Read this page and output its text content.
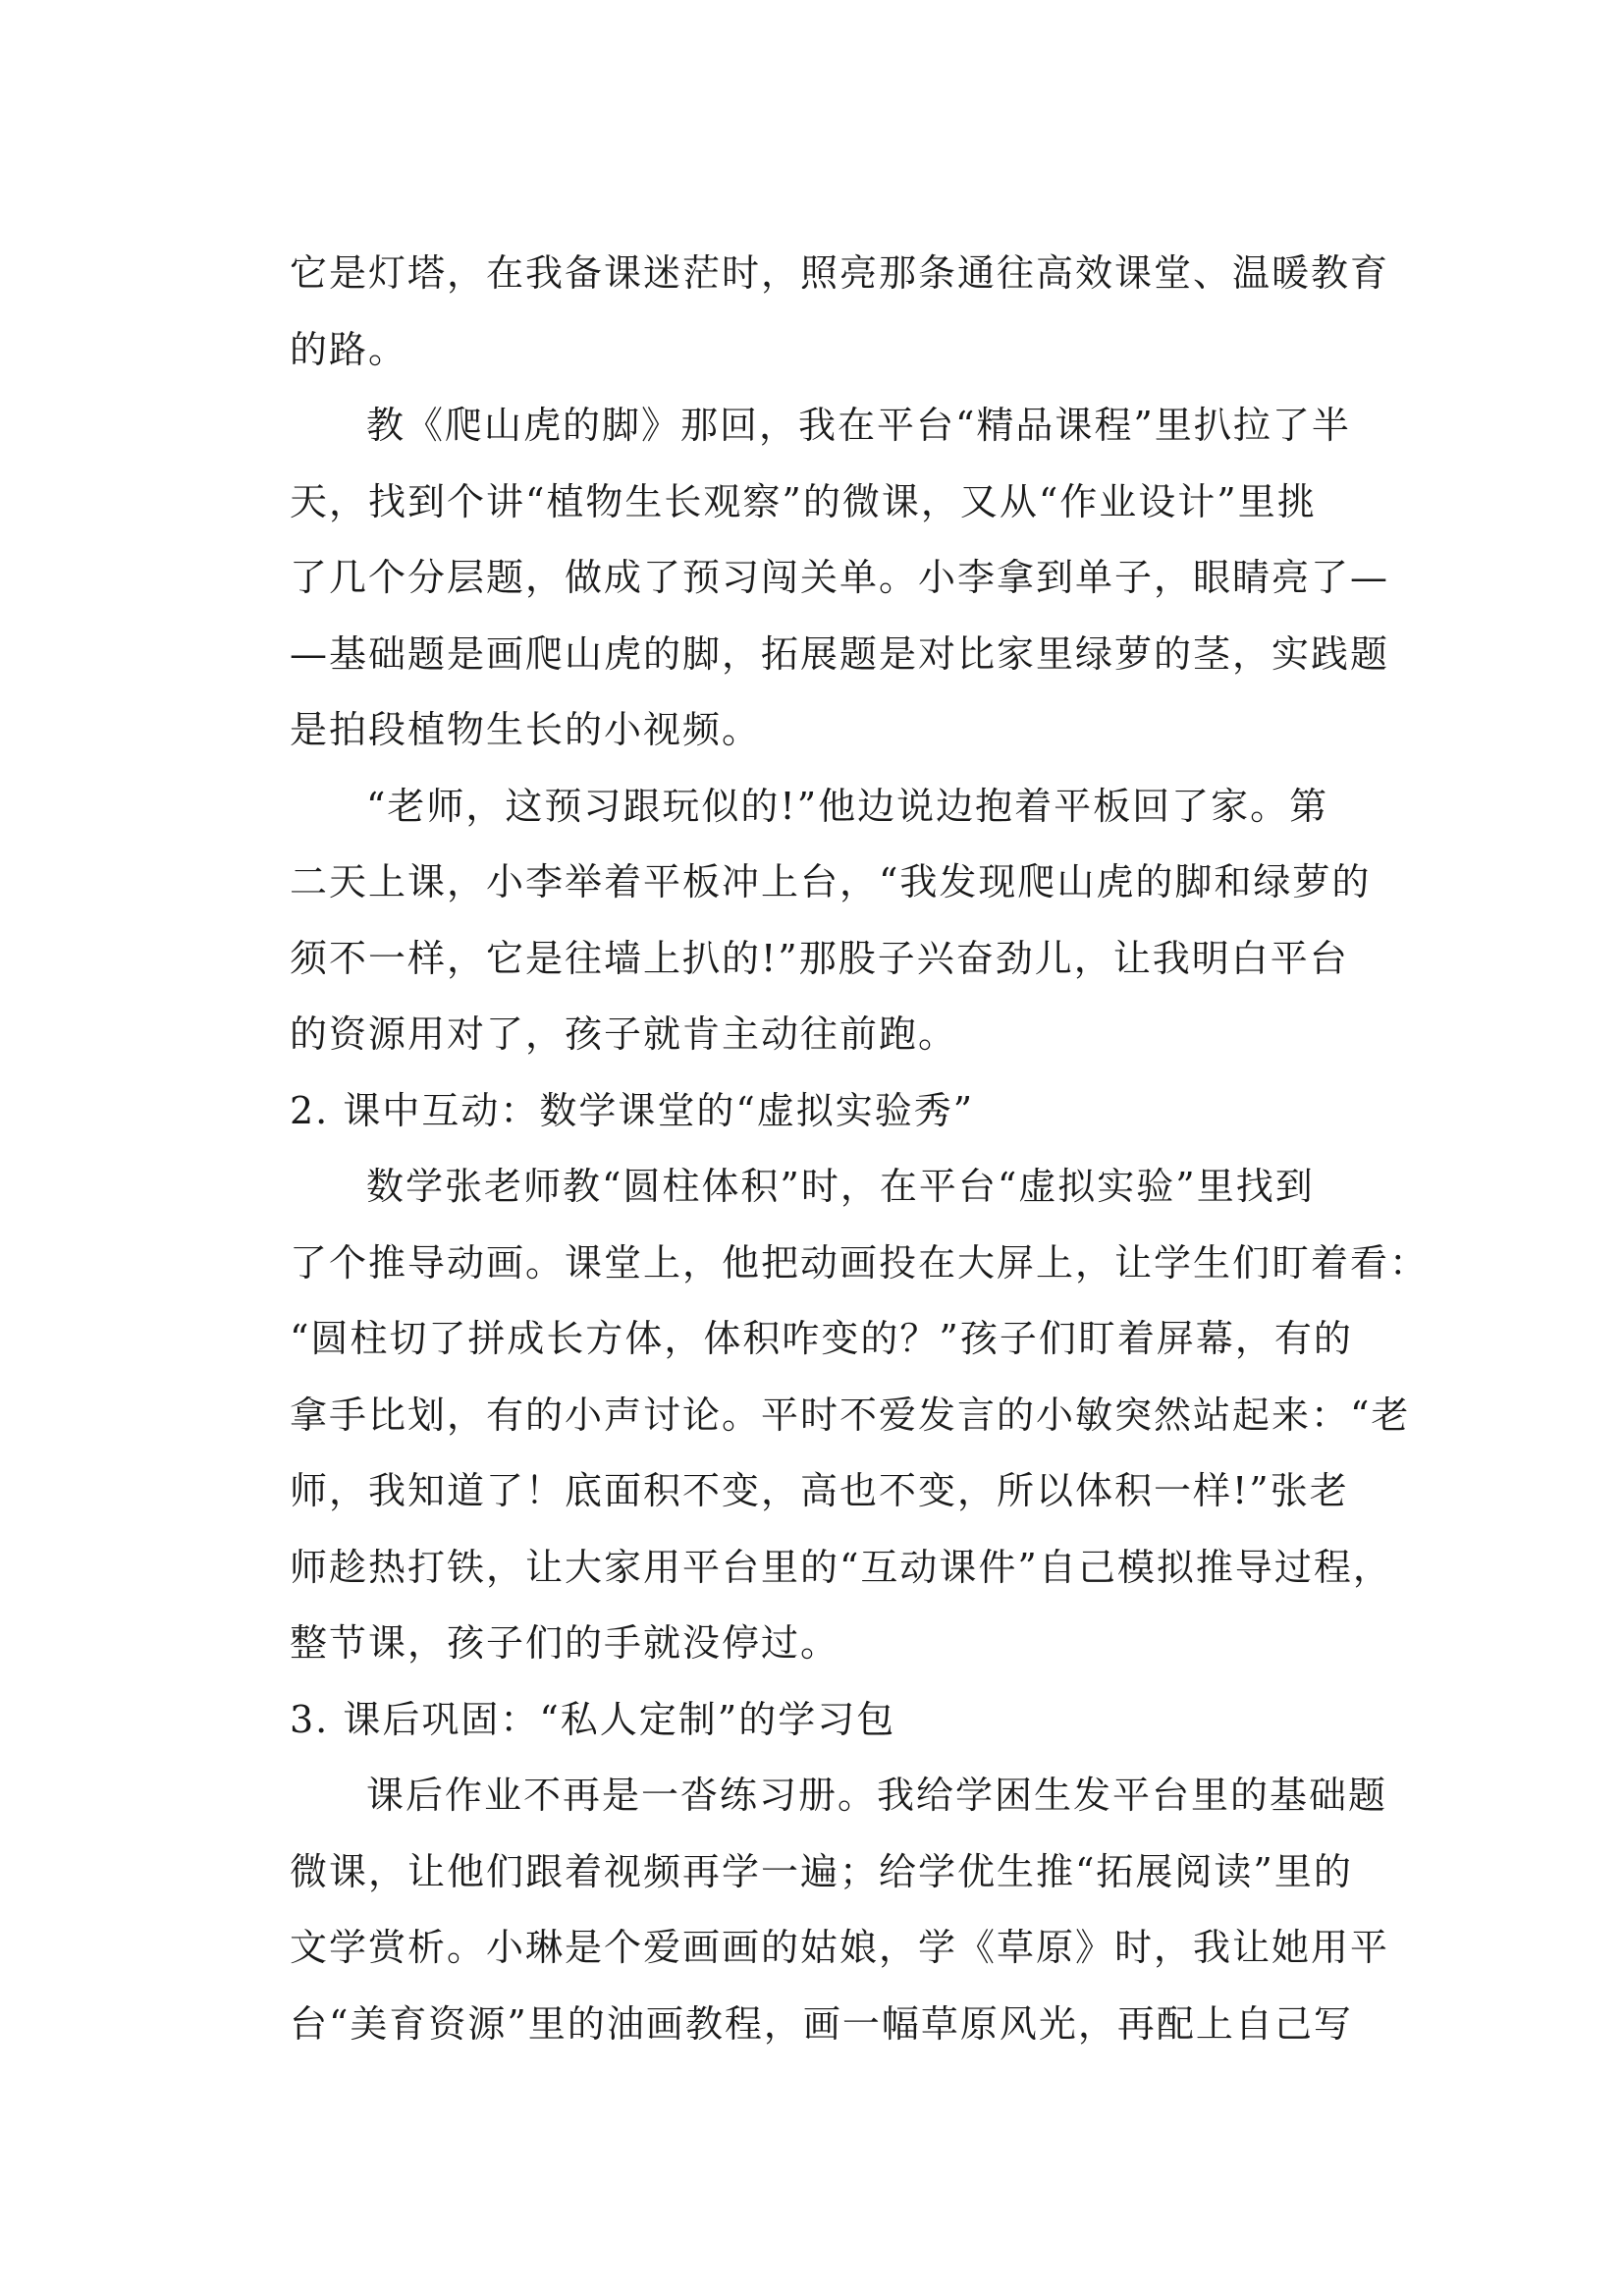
它是灯塔，在我备课迷茫时，照亮那条通往高效课堂、温暖教育
的路。
教《爬山虎的脚》那回，我在平台“精品课程”里扒拉了半
天，找到个讲“植物生长观察”的微课，又从“作业设计”里挑
了几个分层题，做成了预习闯关单。小李拿到单子，眼睛亮了—
—基础题是画爬山虎的脚，拓展题是对比家里绿萝的茎，实践题
是拍段植物生长的小视频。
“老师，这预习跟玩似的!”他边说边抱着平板回了家。第
二天上课，小李举着平板冲上台，“我发现爬山虎的脚和绿萝的
须不一样，它是往墙上扒的!”那股子兴奋劲儿，让我明白平台
的资源用对了，孩子就肯主动往前跑。
2. 课中互动：数学课堂的“虚拟实验秀”
数学张老师教“圆柱体积”时，在平台“虚拟实验”里找到
了个推导动画。课堂上，他把动画投在大屏上，让学生们盯着看：
“圆柱切了拼成长方体，体积咋变的？”孩子们盯着屏幕，有的
拿手比划，有的小声讨论。平时不爱发言的小敏突然站起来：“老
师，我知道了！底面积不变，高也不变，所以体积一样!”张老
师趁热打铁，让大家用平台里的“互动课件”自己模拟推导过程，
整节课，孩子们的手就没停过。
3. 课后巩固：“私人定制”的学习包
课后作业不再是一沓练习册。我给学困生发平台里的基础题
微课，让他们跟着视频再学一遍；给学优生推“拓展阅读”里的
文学赏析。小琳是个爱画画的姑娘，学《草原》时，我让她用平
台“美育资源”里的油画教程，画一幅草原风光，再配上自己写
